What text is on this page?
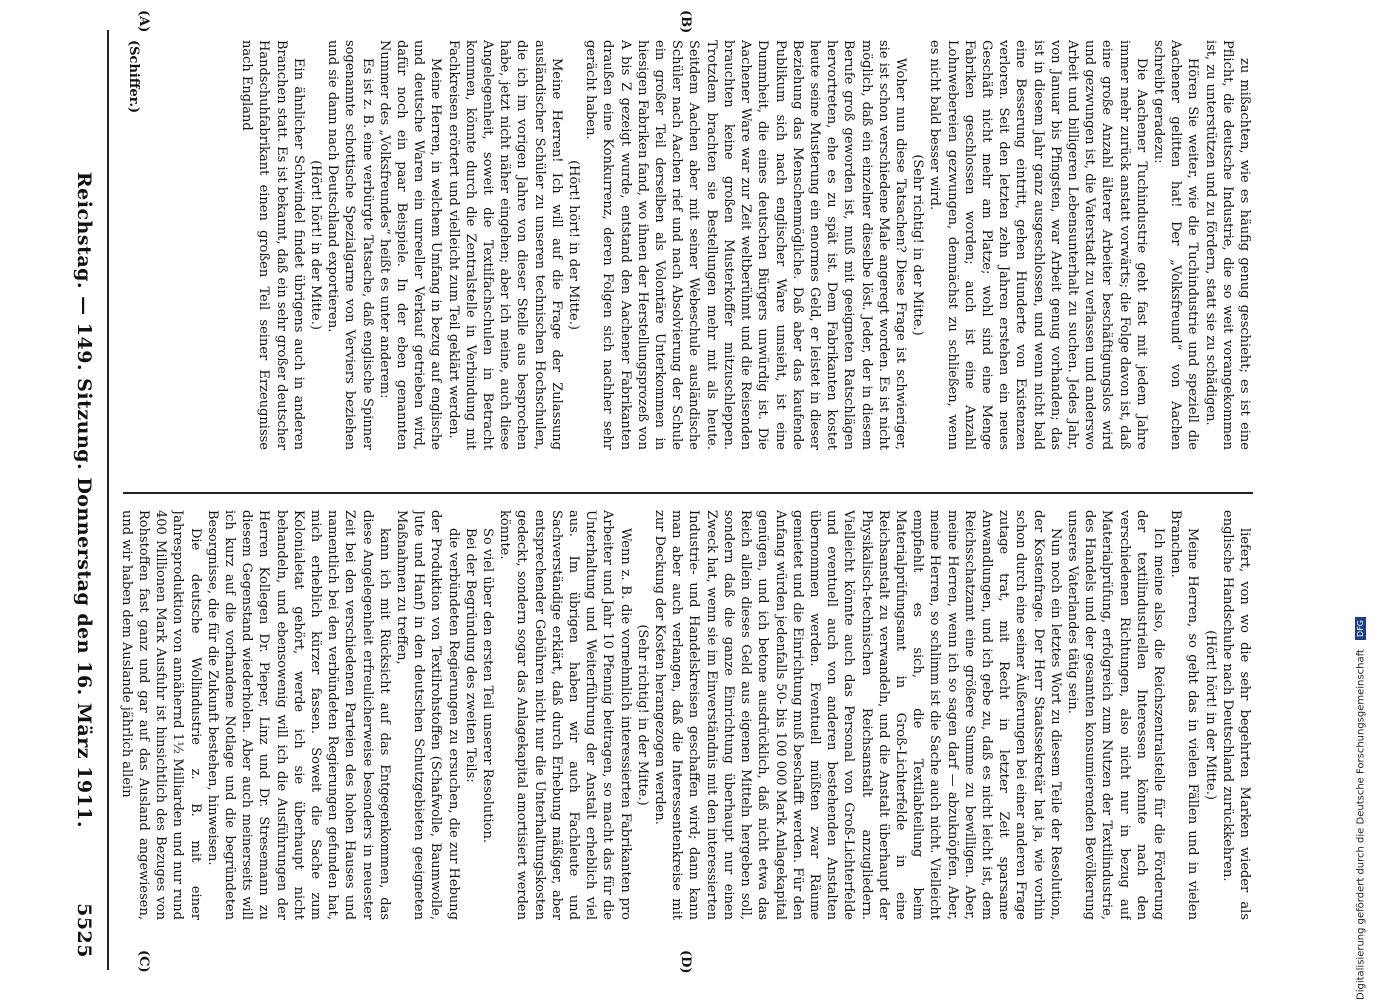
Reichstag. — 149. Sitzung. Donnerstag den 16. März 1911.
5525
(Schiffer.)
(A)	(B)
(C)	(D)

zu mißachten, wie es häufig genug geschieht; es ist eine Pflicht, die deutsche Industrie, die so weit vorangekommen ist, zu unterstützen und zu fördern, statt sie zu schädigen.

Hören Sie weiter, wie die Tuchindustrie und speziell die Aachener gelitten hat! Der „Volksfreund“ von Aachen schreibt geradezu:

Die Aachener Tuchindustrie geht fast mit jedem Jahre immer mehr zurück anstatt vorwärts; die Folge davon ist, daß eine große Anzahl älterer Arbeiter beschäftigungslos wird und gezwungen ist, die Vaterstadt zu verlassen und anderswo Arbeit und billigeren Lebensunterhalt zu suchen. Jedes Jahr, von Januar bis Pfingsten, war Arbeit genug vorhanden; das ist in diesem Jahr ganz ausgeschlossen, und wenn nicht bald eine Besserung eintritt, gehen Hunderte von Existenzen verloren. Seit den letzten zehn Jahren erstehen ein neues Geschäft nicht mehr am Platze; wohl sind eine Menge Fabriken geschlossen worden; auch ist eine Anzahl Lohnwebereien gezwungen, demnächst zu schließen, wenn es nicht bald besser wird.

(Sehr richtig! in der Mitte.)

Woher nun diese Tatsachen? Diese Frage ist schwieriger, sie ist schon verschiedene Male angeregt worden. Es ist nicht möglich, daß ein einzelner dieselbe löst. Jeder, der in diesem Berufe groß geworden ist, muß mit geeigneten Ratschlägen hervortreten, ehe es zu spät ist. Dem Fabrikanten kostet heute seine Musterung ein enormes Geld, er leistet in dieser Beziehung das Menschenmögliche. Daß aber das kaufende Publikum sich nach englischer Ware umsieht, ist eine Dummheit, die eines deutschen Bürgers unwürdig ist. Die Aachener Ware war zur Zeit weltberühmt und die Reisenden brauchten keine großen Musterkoffer mitzuschleppen. Trotzdem brachten sie Bestellungen mehr mit als heute. Seitdem Aachen aber mit seiner Webeschule ausländische Schüler nach Aachen rief und nach Absolvierung der Schule ein großer Teil derselben als Volontäre Unterkommen in hiesigen Fabriken fand, wo ihnen der Herstellungsprozeß von A bis Z gezeigt wurde, entstand den Aachener Fabrikanten draußen eine Konkurrenz, deren Folgen sich nachher sehr gerächt haben.

(Hört! hört! in der Mitte.)

Meine Herren! Ich will auf die Frage der Zulassung ausländischer Schüler zu unseren technischen Hochschulen, die ich im vorigen Jahre von dieser Stelle aus besprochen habe, jetzt nicht näher eingehen; aber ich meine, auch diese Angelegenheit, soweit die Textilfachschulen in Betracht kommen, könnte durch die Zentralstelle in Verbindung mit Fachkreisen erörtert und vielleicht zum Teil geklärt werden.

Meine Herren, in welchem Umfang in bezug auf englische und deutsche Waren ein unreeller Verkauf getrieben wird, dafür noch ein paar Beispiele. In der eben genannten Nummer des „Volksfreundes“ heißt es unter anderem:

Es ist z. B. eine verbürgte Tatsache, daß englische Spinner sogenannte schottische Spezialgarne von Verviers beziehen und sie dann nach Deutschland exportieren.

(Hört! hört! in der Mitte.)

Ein ähnlicher Schwindel findet übrigens auch in anderen Branchen statt. Es ist bekannt, daß ein sehr großer deutscher Handschuhfabrikant einen großen Teil seiner Erzeugnisse nach England

liefert, von wo die sehr begehrten Marken wieder als englische Handschuhe nach Deutschland zurückkehren.

(Hört! hört! in der Mitte.)

Meine Herren, so geht das in vielen Fällen und in vielen Branchen.

Ich meine also, die Reichszentralstelle für die Förderung der textilindustriellen Interessen könnte nach den verschiedenen Richtungen, also nicht nur in bezug auf Materialprüfung, erfolgreich zum Nutzen der Textilindustrie, des Handels und der gesamten konsumierenden Bevölkerung unseres Vaterlandes tätig sein.

Nun noch ein letztes Wort zu diesem Teile der Resolution, der Kostenfrage. Der Herr Staatssekretär hat ja, wie vorhin schon durch eine seiner Äußerungen bei einer anderen Frage zutage trat, mit Recht in letzter Zeit sparsame Anwandlungen, und ich gebe zu, daß es nicht leicht ist, dem Reichsschatzamt eine größere Summe zu bewilligen. Aber, meine Herren, wenn ich so sagen darf — abzuknöpfen. Aber, meine Herren, so schlimm ist die Sache auch nicht. Vielleicht empfiehlt es sich, die Textilabteilung beim Materialprüfungsamt in Groß-Lichterfelde in eine Reichsanstalt zu verwandeln, und die Anstalt überhaupt der Physikalisch-technischen Reichsanstalt anzugliedern. Vielleicht könnte auch das Personal von Groß-Lichterfelde und eventuell auch von anderen bestehenden Anstalten übernommen werden. Eventuell müßten zwar Räume gemietet und die Einrichtung muß beschafft werden. Für den Anfang würden jedenfalls 50- bis 100 000 Mark Anlagekapital genügen, und ich betone ausdrücklich, daß nicht etwa das Reich allein dieses Geld aus eigenen Mitteln hergeben soll, sondern daß die ganze Einrichtung überhaupt nur einen Zweck hat, wenn sie im Einverständnis mit den interessierten Industrie- und Handelskreisen geschaffen wird; dann kann man aber auch verlangen, daß die Interessentenkreise mit zur Deckung der Kosten herangezogen werden.

(Sehr richtig! in der Mitte.)

Wenn z. B. die vornehmlich interessierten Fabrikanten pro Arbeiter und Jahr 10 Pfennig beitragen, so macht das für die Unterhaltung und Weiterführung der Anstalt erheblich viel aus. Im übrigen haben wir auch Fachleute und Sachverständige erklärt, daß durch Erhebung mäßiger, aber entsprechender Gebühren nicht nur die Unterhaltungskosten gedeckt, sondern sogar das Anlagekapital amortisiert werden könnte.

So viel über den ersten Teil unserer Resolution.

Bei der Begründung des zweiten Teils:

die verbündeten Regierungen zu ersuchen, die zur Hebung der Produktion von Textilrohstoffen (Schafwolle, Baumwolle, Jute und Hanf) in den deutschen Schutzgebieten geeigneten Maßnahmen zu treffen,

kann ich mit Rücksicht auf das Entgegenkommen, das diese Angelegenheit erfreulicherweise besonders in neuester Zeit bei den verschiedenen Parteien des hohen Hauses und namentlich bei den verbündeten Regierungen gefunden hat, mich erheblich kürzer fassen. Soweit die Sache zum Kolonialetat gehört, werde ich sie überhaupt nicht behandeln, und ebensowenig will ich die Ausführungen der Herren Kollegen Dr. Pieper, Linz und Dr. Stresemann zu diesem Gegenstand wiederholen. Aber auch meinerseits will ich kurz auf die vorhandene Notlage und die begründeten Besorgnisse, die für die Zukunft bestehen, hinweisen.

Die deutsche Wollindustrie z. B. mit einer Jahresproduktion von annähernd 1½ Milliarden und nur rund 400 Millionen Mark Ausfuhr ist hinsichtlich des Bezuges von Rohstoffen fast ganz und gar auf das Ausland angewiesen, und wir haben dem Auslande jährlich allein	Digitalisierung gefördert durch die Deutsche Forschungsgemeinschaft DFG
